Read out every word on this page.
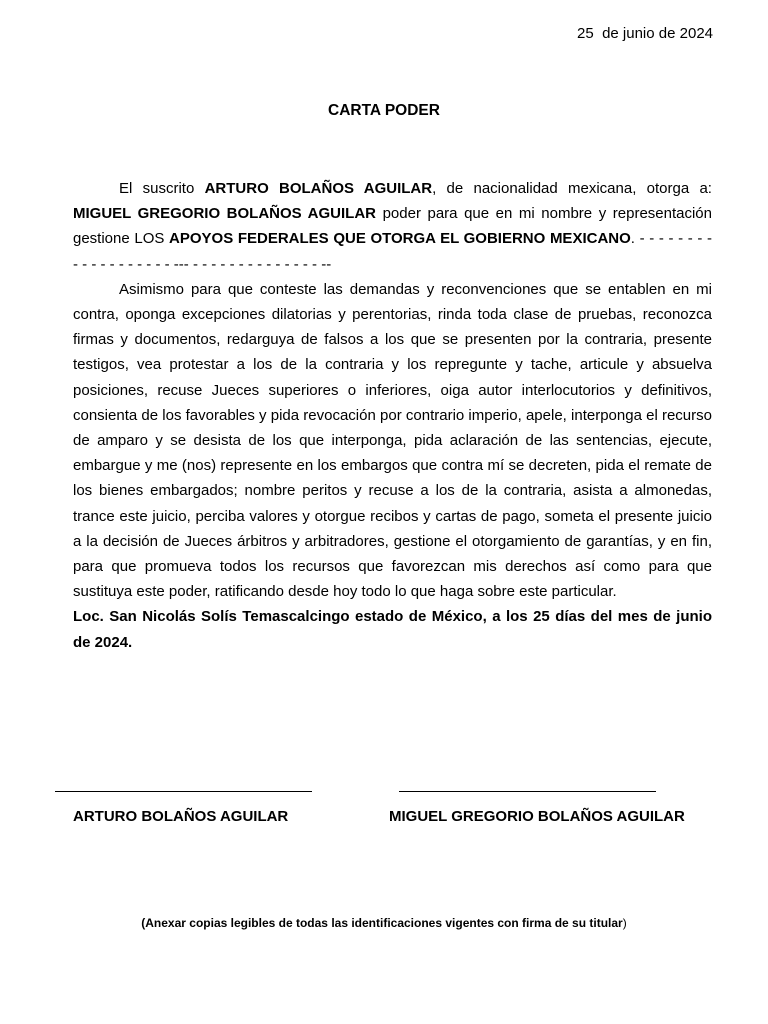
25  de junio de 2024
CARTA PODER

El suscrito ARTURO BOLAÑOS AGUILAR, de nacionalidad mexicana, otorga a: MIGUEL GREGORIO BOLAÑOS AGUILAR poder para que en mi nombre y representación gestione LOS APOYOS FEDERALES QUE OTORGA EL GOBIERNO MEXICANO. - - - - - - - - - - - - - - - - - - - --- - - - - - - - - - - - - - - --

Asimismo para que conteste las demandas y reconvenciones que se entablen en mi contra, oponga excepciones dilatorias y perentorias, rinda toda clase de pruebas, reconozca firmas y documentos, redarguya de falsos a los que se presenten por la contraria, presente testigos, vea protestar a los de la contraria y los repregunte y tache, articule y absuelva posiciones, recuse Jueces superiores o inferiores, oiga autor interlocutorios y definitivos, consienta de los favorables y pida revocación por contrario imperio, apele, interponga el recurso de amparo y se desista de los que interponga, pida aclaración de las sentencias, ejecute, embargue y me (nos) represente en los embargos que contra mí se decreten, pida el remate de los bienes embargados; nombre peritos y recuse a los de la contraria, asista a almonedas, trance este juicio, perciba valores y otorgue recibos y cartas de pago, someta el presente juicio a la decisión de Jueces árbitros y arbitradores, gestione el otorgamiento de garantías, y en fin, para que promueva todos los recursos que favorezcan mis derechos así como para que sustituya este poder, ratificando desde hoy todo lo que haga sobre este particular.

Loc. San Nicolás Solís Temascalcingo estado de México, a los 25 días del mes de junio de 2024.

ARTURO BOLAÑOS AGUILAR	MIGUEL GREGORIO BOLAÑOS AGUILAR
(Anexar copias legibles de todas las identificaciones vigentes con firma de su titular)
